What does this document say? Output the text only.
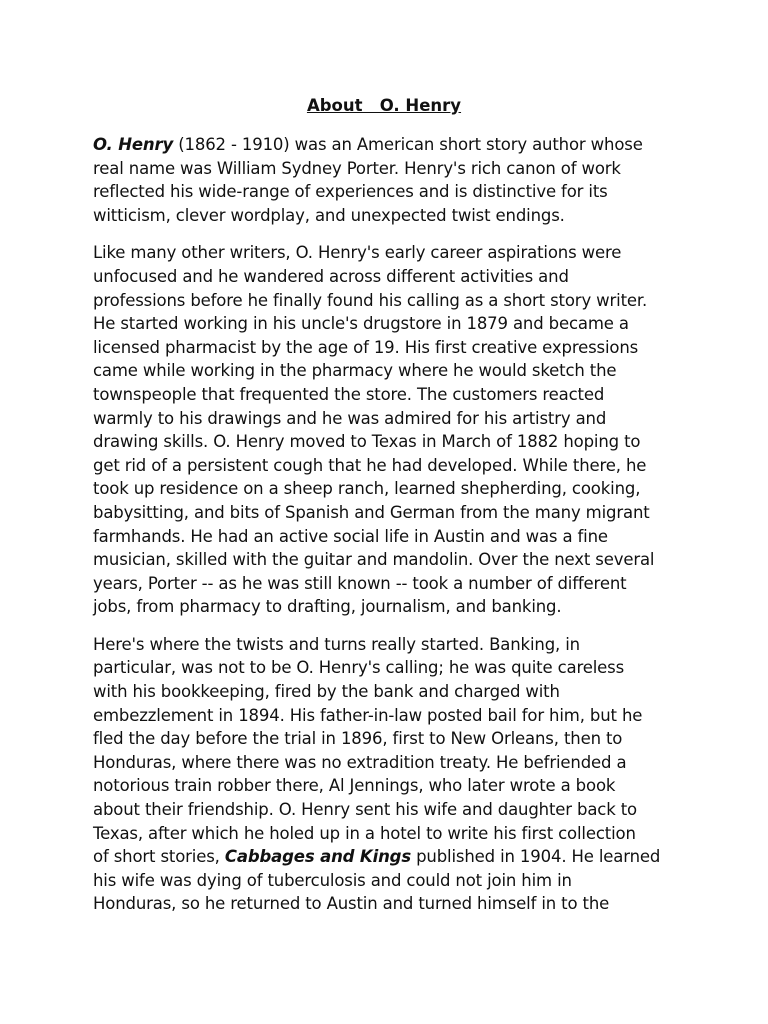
About   O. Henry

O. Henry (1862 - 1910) was an American short story author whose
real name was William Sydney Porter. Henry's rich canon of work
reflected his wide-range of experiences and is distinctive for its
witticism, clever wordplay, and unexpected twist endings.

Like many other writers, O. Henry's early career aspirations were
unfocused and he wandered across different activities and
professions before he finally found his calling as a short story writer.
He started working in his uncle's drugstore in 1879 and became a
licensed pharmacist by the age of 19. His first creative expressions
came while working in the pharmacy where he would sketch the
townspeople that frequented the store. The customers reacted
warmly to his drawings and he was admired for his artistry and
drawing skills. O. Henry moved to Texas in March of 1882 hoping to
get rid of a persistent cough that he had developed. While there, he
took up residence on a sheep ranch, learned shepherding, cooking,
babysitting, and bits of Spanish and German from the many migrant
farmhands. He had an active social life in Austin and was a fine
musician, skilled with the guitar and mandolin. Over the next several
years, Porter -- as he was still known -- took a number of different
jobs, from pharmacy to drafting, journalism, and banking.

Here's where the twists and turns really started. Banking, in
particular, was not to be O. Henry's calling; he was quite careless
with his bookkeeping, fired by the bank and charged with
embezzlement in 1894. His father-in-law posted bail for him, but he
fled the day before the trial in 1896, first to New Orleans, then to
Honduras, where there was no extradition treaty. He befriended a
notorious train robber there, Al Jennings, who later wrote a book
about their friendship. O. Henry sent his wife and daughter back to
Texas, after which he holed up in a hotel to write his first collection
of short stories, Cabbages and Kings published in 1904. He learned
his wife was dying of tuberculosis and could not join him in
Honduras, so he returned to Austin and turned himself in to the
